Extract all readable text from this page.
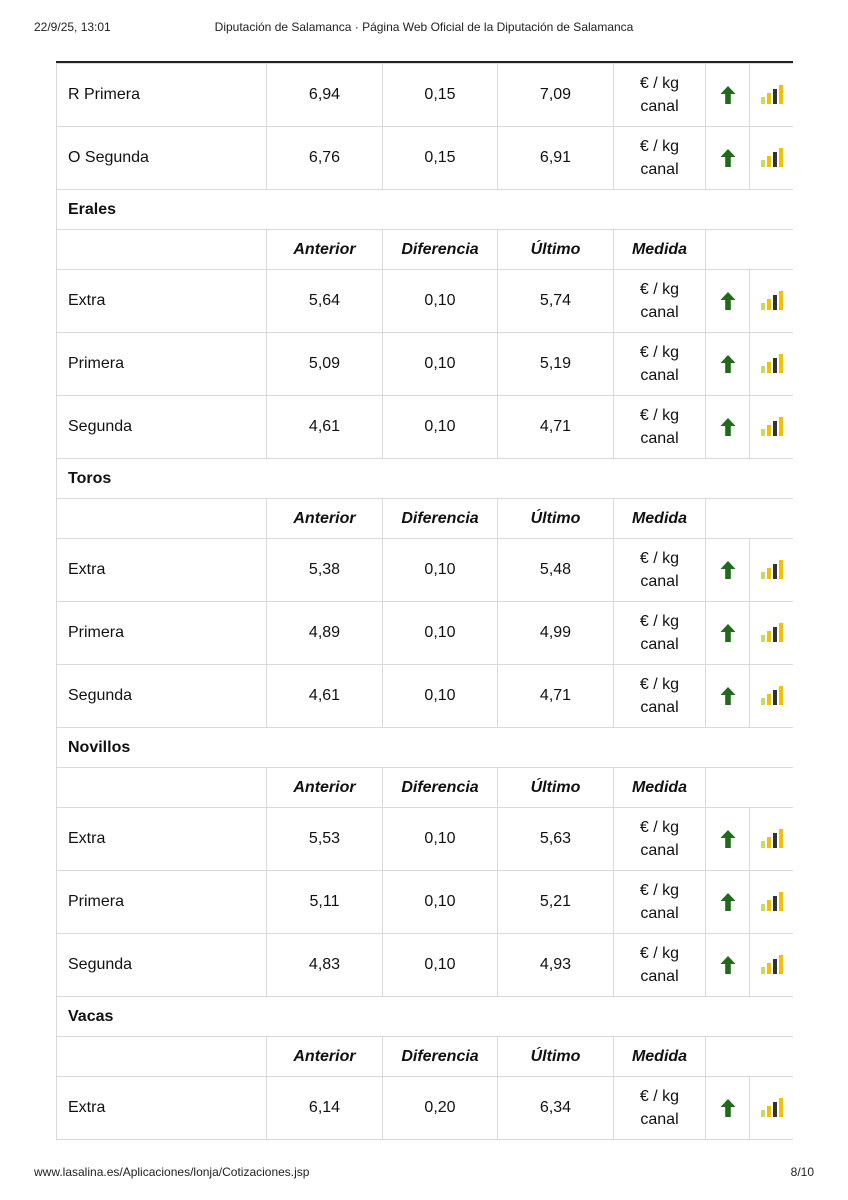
22/9/25, 13:01	Diputación de Salamanca · Página Web Oficial de la Diputación de Salamanca
R Primera	6,94	0,15	7,09	€ / kg
canal		
O Segunda	6,76	0,15	6,91	€ / kg
canal		
Erales						
	Anterior	Diferencia	Último	Medida		
Extra	5,64	0,10	5,74	€ / kg
canal		
Primera	5,09	0,10	5,19	€ / kg
canal		
Segunda	4,61	0,10	4,71	€ / kg
canal		
Toros						
	Anterior	Diferencia	Último	Medida		
Extra	5,38	0,10	5,48	€ / kg
canal		
Primera	4,89	0,10	4,99	€ / kg
canal		
Segunda	4,61	0,10	4,71	€ / kg
canal		
Novillos						
	Anterior	Diferencia	Último	Medida		
Extra	5,53	0,10	5,63	€ / kg
canal		
Primera	5,11	0,10	5,21	€ / kg
canal		
Segunda	4,83	0,10	4,93	€ / kg
canal		
Vacas						
	Anterior	Diferencia	Último	Medida		
Extra	6,14	0,20	6,34	€ / kg
canal		
www.lasalina.es/Aplicaciones/lonja/Cotizaciones.jsp	8/10
